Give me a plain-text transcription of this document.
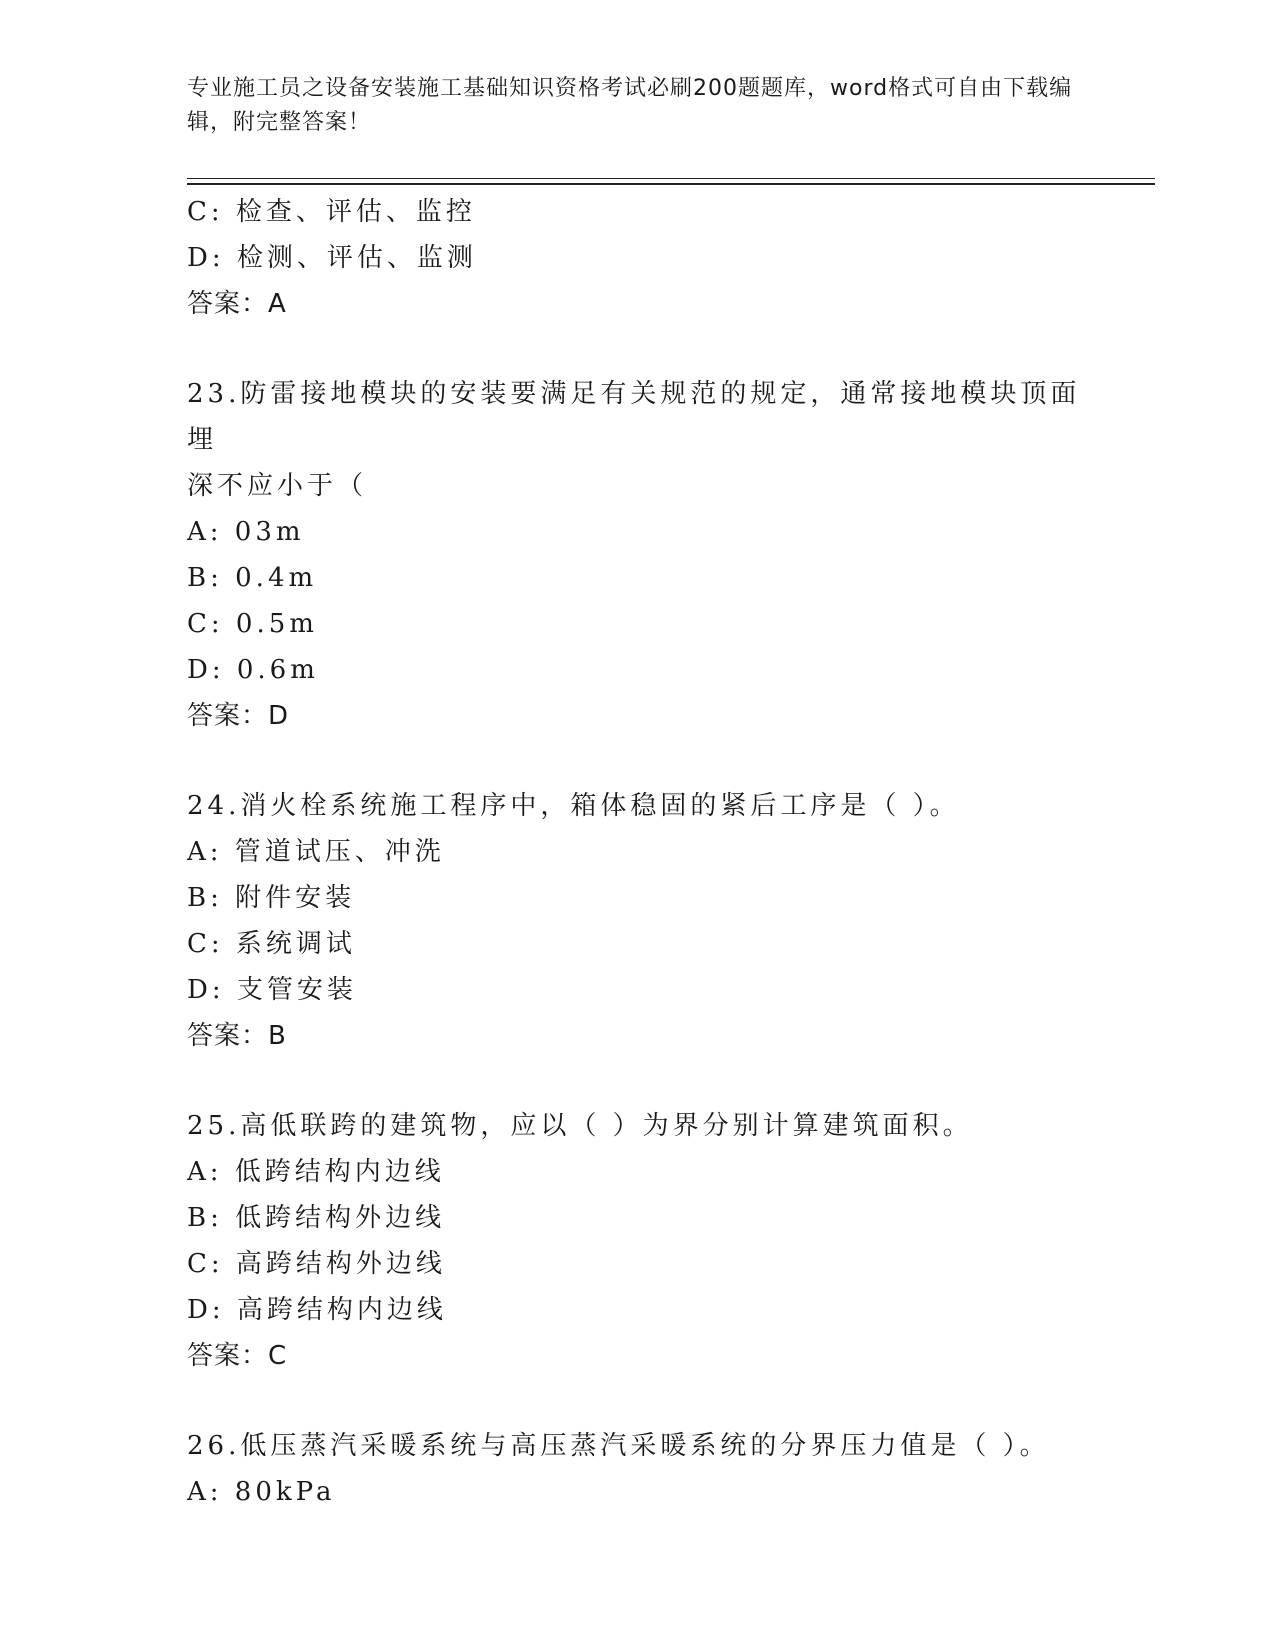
专业施工员之设备安装施工基础知识资格考试必刷200题题库，word格式可自由下载编辑，附完整答案！
C: 检查、评估、监控
D: 检测、评估、监测
答案：A
23.防雷接地模块的安装要满足有关规范的规定，通常接地模块顶面埋
深不应小于（
A: 03m
B: 0.4m
C: 0.5m
D: 0.6m
答案：D
24.消火栓系统施工程序中，箱体稳固的紧后工序是（ ）。
A: 管道试压、冲洗
B: 附件安装
C: 系统调试
D: 支管安装
答案：B
25.高低联跨的建筑物，应以（ ）为界分别计算建筑面积。
A: 低跨结构内边线
B: 低跨结构外边线
C: 高跨结构外边线
D: 高跨结构内边线
答案：C
26.低压蒸汽采暖系统与高压蒸汽采暖系统的分界压力值是（ ）。
A: 80kPa
